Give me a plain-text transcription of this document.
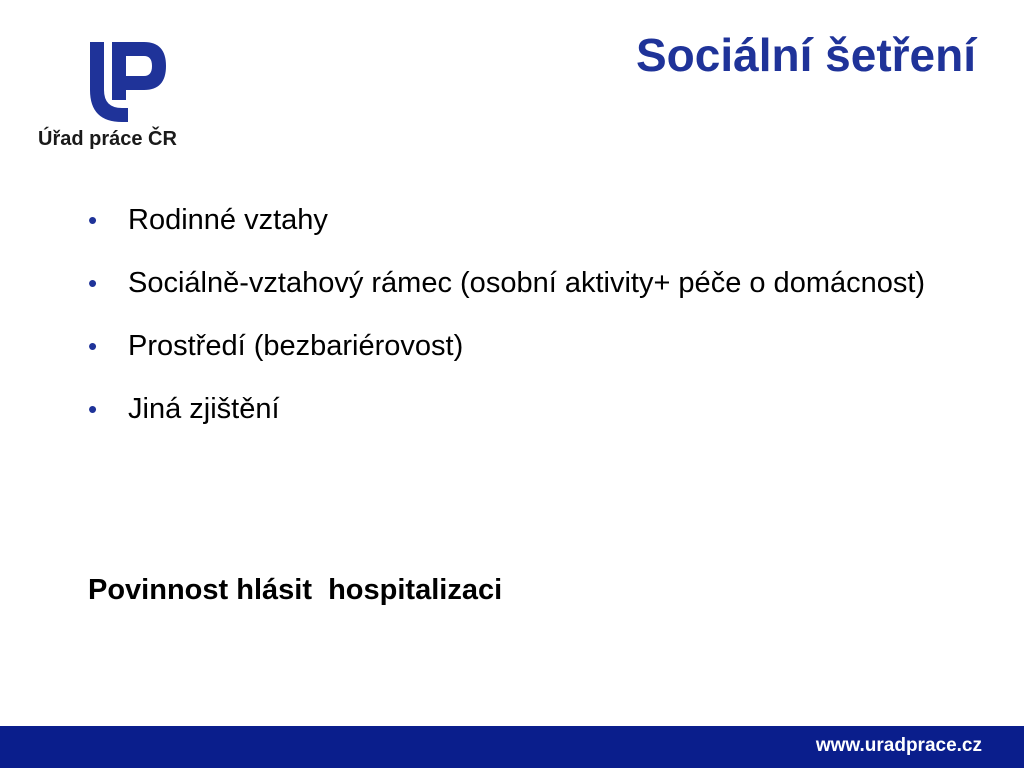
Úřad práce ČR
Sociální šetření
• Rodinné vztahy
• Sociálně-vztahový rámec (osobní aktivity+ péče o domácnost)
• Prostředí (bezbariérovost)
• Jiná zjištění
Povinnost hlásit  hospitalizaci
www.uradprace.cz
